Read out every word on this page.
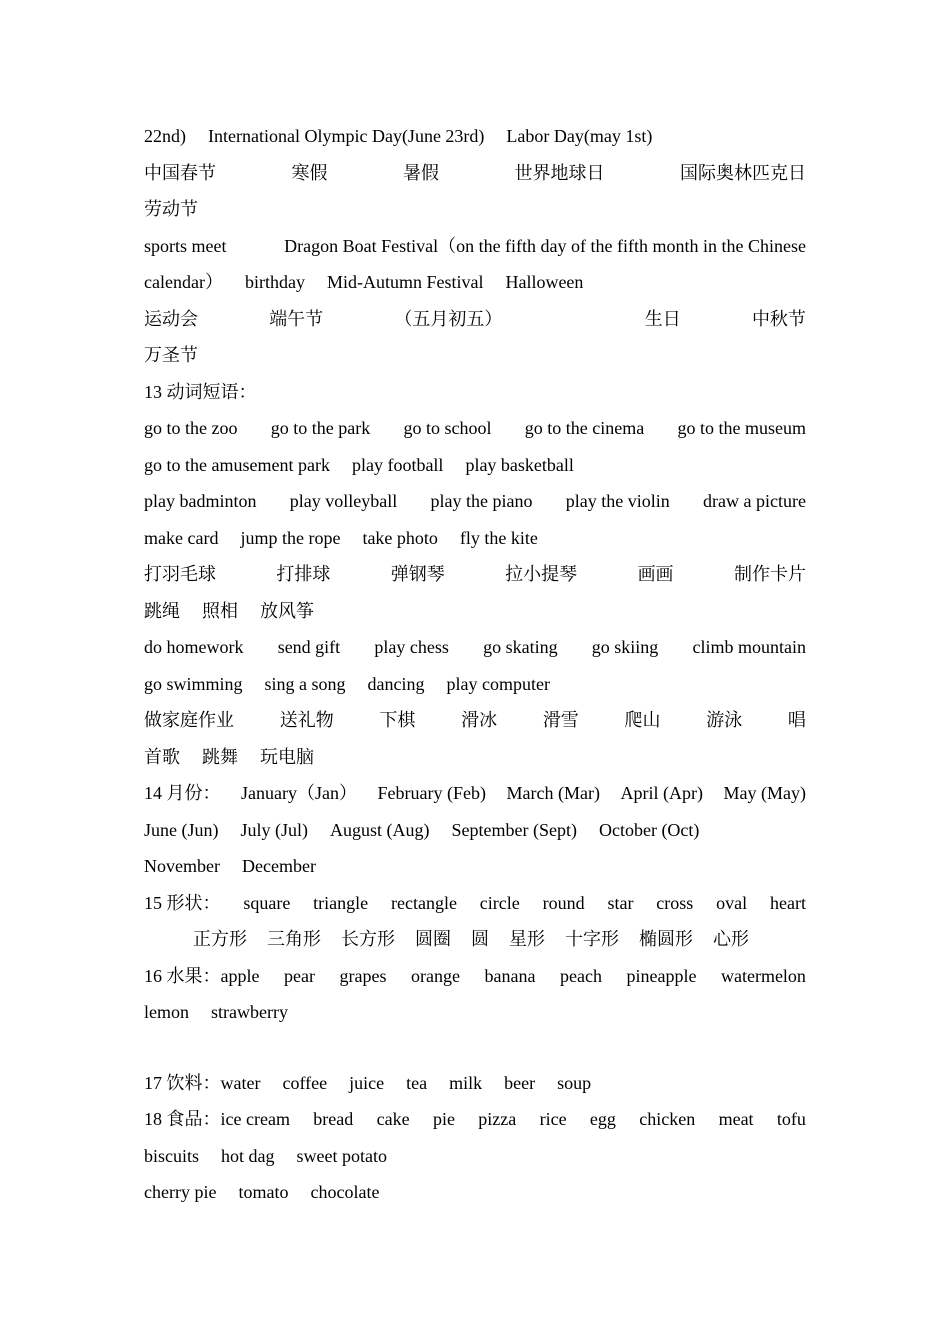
22nd) International Olympic Day(June 23rd) Labor Day(may 1st)
中国春节	寒假	暑假	世界地球日	国际奥林匹克日
劳动节
sports meet	Dragon Boat Festival（on the fifth day of the fifth month in the Chinese
calendar） birthday Mid-Autumn Festival Halloween
运动会	端午节	（五月初五）	生日	中秋节
万圣节
13 动词短语：
go to the zoo go to the park go to school go to the cinema go to the museum
go to the amusement park play football play basketball
play badminton play volleyball play the piano play the violin draw a picture
make card jump the rope take photo fly the kite
打羽毛球	打排球	弹钢琴	拉小提琴	画画	制作卡片
跳绳 照相 放风筝
do homework send gift play chess go skating go skiing climb mountain
go swimming sing a song dancing play computer
做家庭作业	送礼物	下棋	滑冰	滑雪	爬山	游泳	唱
首歌 跳舞 玩电脑
14 月份： January（Jan） February (Feb) March (Mar) April (Apr) May (May)
June (Jun) July (Jul) August (Aug) September (Sept) October (Oct)
November December
15 形状： square triangle rectangle circle round star cross oval heart
正方形 三角形 长方形 圆圈 圆 星形 十字形 椭圆形 心形
16 水果：apple pear grapes orange banana peach pineapple watermelon
lemon strawberry
17 饮料：water coffee juice tea milk beer soup
18 食品：ice cream bread cake pie pizza rice egg chicken meat tofu
biscuits hot dag sweet potato
cherry pie tomato chocolate
